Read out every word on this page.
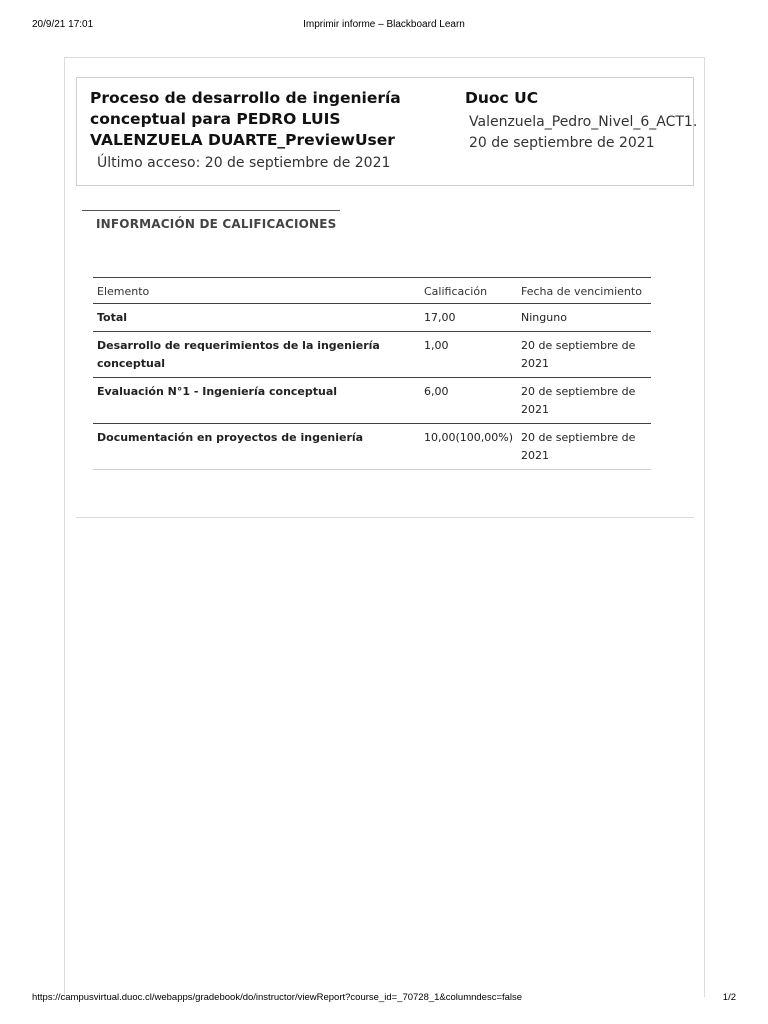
20/9/21 17:01	Imprimir informe – Blackboard Learn
Proceso de desarrollo de ingeniería conceptual para PEDRO LUIS VALENZUELA DUARTE_PreviewUser
Último acceso: 20 de septiembre de 2021
Duoc UC
Valenzuela_Pedro_Nivel_6_ACT1.
20 de septiembre de 2021
INFORMACIÓN DE CALIFICACIONES
Elemento	Calificación	Fecha de vencimiento
Total	17,00	Ninguno
Desarrollo de requerimientos de la ingeniería conceptual	1,00	20 de septiembre de 2021
Evaluación N°1 - Ingeniería conceptual	6,00	20 de septiembre de 2021
Documentación en proyectos de ingeniería	10,00(100,00%)	20 de septiembre de 2021
https://campusvirtual.duoc.cl/webapps/gradebook/do/instructor/viewReport?course_id=_70728_1&columndesc=false	1/2
